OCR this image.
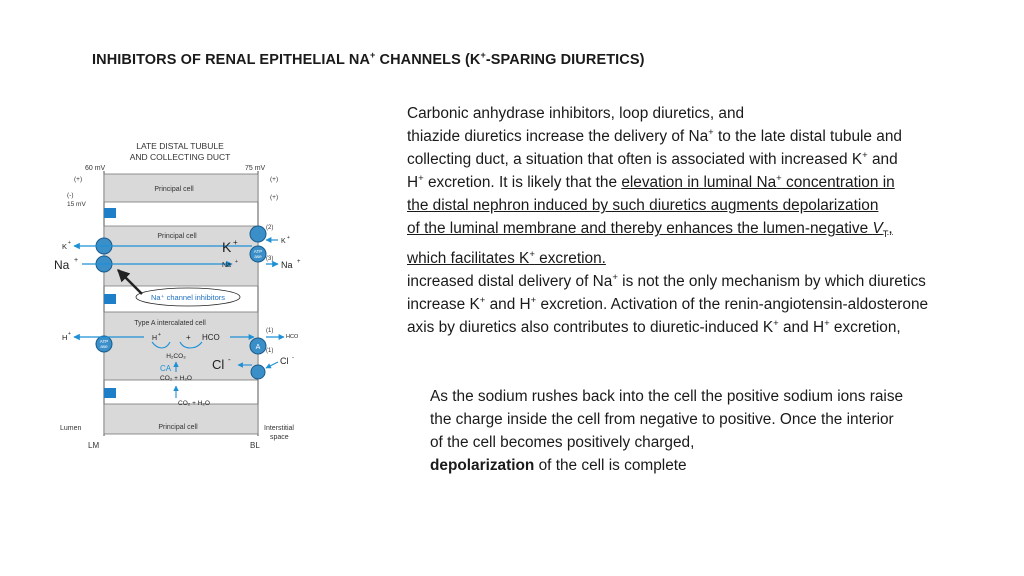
INHIBITORS OF RENAL EPITHELIAL NA+ CHANNELS (K+-SPARING DIURETICS)
Carbonic anhydrase inhibitors, loop diuretics, and
thiazide diuretics increase the delivery of Na+ to the late distal tubule and
collecting duct, a situation that often is associated with increased K+ and
H+ excretion. It is likely that the elevation in luminal Na+ concentration in
the distal nephron induced by such diuretics augments depolarization
of the luminal membrane and thereby enhances the lumen-negative $V_T$,
which facilitates K+ excretion.
increased distal delivery of Na+ is not the only mechanism by which diuretics
increase K+ and H+ excretion. Activation of the renin-angiotensin-aldosterone
axis by diuretics also contributes to diuretic-induced K+ and H+ excretion,
As the sodium rushes back into the cell the positive sodium ions raise
the charge inside the cell from negative to positive. Once the interior
of the cell becomes positively charged,
depolarization of the cell is complete
LATE DISTAL TUBULE
AND COLLECTING DUCT
60 mV	75 mV
(+)	(+)
(+)
(-)
15 mV
Principal cell
Principal cell
ATP
ase
K +	K +
Na +
Na +	Na +
K +
(2)
(3)
Na⁺ channel inhibitors
Type A intercalated cell
ATP
ase
H +
H +	HCO
+
(1)
HCO
A (1)
H₂CO₃
CA
CO₂ + H₂O
Cl -	Cl -
CO₂ + H₂O
Principal cell
Lumen	Interstitial
space
LM	BL
